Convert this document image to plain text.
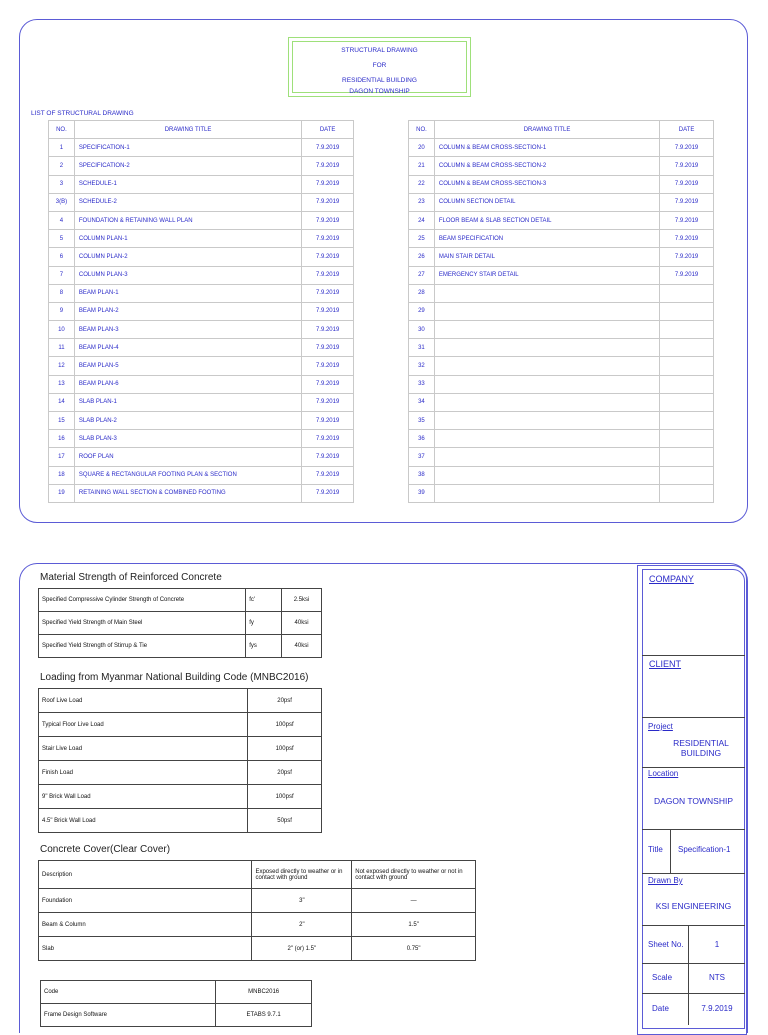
STRUCTURAL DRAWING
FOR
RESIDENTIAL BUILDING
DAGON TOWNSHIP
LIST OF STRUCTURAL DRAWING
NO.	DRAWING TITLE	DATE
1	SPECIFICATION-1	7.9.2019
2	SPECIFICATION-2	7.9.2019
3	SCHEDULE-1	7.9.2019
3(B)	SCHEDULE-2	7.9.2019
4	FOUNDATION & RETAINING WALL PLAN	7.9.2019
5	COLUMN PLAN-1	7.9.2019
6	COLUMN PLAN-2	7.9.2019
7	COLUMN PLAN-3	7.9.2019
8	BEAM PLAN-1	7.9.2019
9	BEAM PLAN-2	7.9.2019
10	BEAM PLAN-3	7.9.2019
11	BEAM PLAN-4	7.9.2019
12	BEAM PLAN-5	7.9.2019
13	BEAM PLAN-6	7.9.2019
14	SLAB PLAN-1	7.9.2019
15	SLAB PLAN-2	7.9.2019
16	SLAB PLAN-3	7.9.2019
17	ROOF PLAN	7.9.2019
18	SQUARE & RECTANGULAR FOOTING PLAN & SECTION	7.9.2019
19	RETAINING WALL SECTION & COMBINED FOOTING	7.9.2019
NO.	DRAWING TITLE	DATE
20	COLUMN & BEAM CROSS-SECTION-1	7.9.2019
21	COLUMN & BEAM CROSS-SECTION-2	7.9.2019
22	COLUMN & BEAM CROSS-SECTION-3	7.9.2019
23	COLUMN SECTION DETAIL	7.9.2019
24	FLOOR BEAM & SLAB SECTION DETAIL	7.9.2019
25	BEAM SPECIFICATION	7.9.2019
26	MAIN STAIR DETAIL	7.9.2019
27	EMERGENCY STAIR DETAIL	7.9.2019
28		
29		
30		
31		
32		
33		
34		
35		
36		
37		
38		
39		
Material Strength of Reinforced Concrete
Specified Compressive Cylinder Strength of Concrete	fc'	2.5ksi
Specified Yield Strength of Main Steel	fy	40ksi
Specified Yield Strength of Stirrup & Tie	fys	40ksi
Loading from Myanmar National Building Code (MNBC2016)
Roof Live Load	20psf
Typical Floor Live Load	100psf
Stair Live Load	100psf
Finish Load	20psf
9" Brick Wall Load	100psf
4.5" Brick Wall Load	50psf
Concrete Cover(Clear Cover)
Description	Exposed directly to weather or in contact with ground	Not exposed directly to weather or not in contact with ground
Foundation	3"	—
Beam & Column	2"	1.5"
Slab	2" (or) 1.5"	0.75"
Code	MNBC2016
Frame Design Software	ETABS 9.7.1
COMPANY
CLIENT
Project
RESIDENTIAL BUILDING
Location
DAGON TOWNSHIP
Title Specification-1
Drawn By
KSI ENGINEERING
Sheet No.	1
Scale	NTS
Date	7.9.2019
